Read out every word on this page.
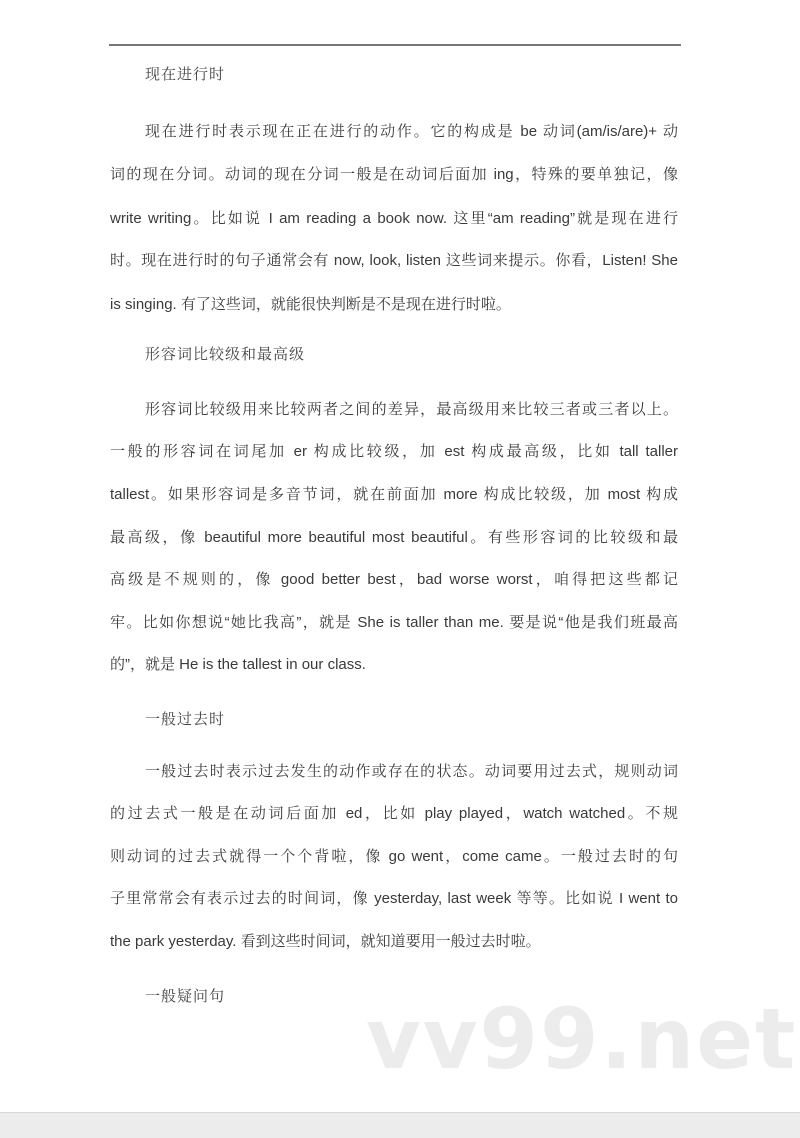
现在进行时
现在进行时表示现在正在进行的动作。它的构成是 be 动词(am/is/are)+ 动
词的现在分词。动词的现在分词一般是在动词后面加 ing，特殊的要单独记，像
write writing。比如说 I am reading a book now. 这里“am reading”就是现在进行
时。现在进行时的句子通常会有 now, look, listen 这些词来提示。你看，Listen! She
is singing. 有了这些词，就能很快判断是不是现在进行时啦。
形容词比较级和最高级
形容词比较级用来比较两者之间的差异，最高级用来比较三者或三者以上。
一般的形容词在词尾加 er 构成比较级，加 est 构成最高级，比如 tall taller
tallest。如果形容词是多音节词，就在前面加 more 构成比较级，加 most 构成
最高级，像 beautiful more beautiful most beautiful。有些形容词的比较级和最
高级是不规则的，像 good better best，bad worse worst，咱得把这些都记
牢。比如你想说“她比我高”，就是 She is taller than me. 要是说“他是我们班最高
的”，就是 He is the tallest in our class.
一般过去时
一般过去时表示过去发生的动作或存在的状态。动词要用过去式，规则动词
的过去式一般是在动词后面加 ed，比如 play played，watch watched。不规
则动词的过去式就得一个个背啦，像 go went，come came。一般过去时的句
子里常常会有表示过去的时间词，像 yesterday, last week 等等。比如说 I went to
the park yesterday. 看到这些时间词，就知道要用一般过去时啦。
一般疑问句 vv99.net
